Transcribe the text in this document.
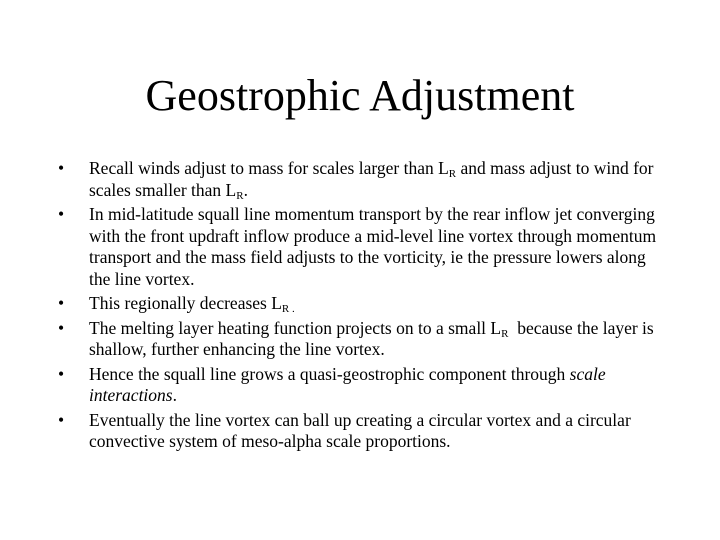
Geostrophic Adjustment
• Recall winds adjust to mass for scales larger than $L_R$ and mass adjust to wind for scales smaller than $L_R$.
• In mid-latitude squall line momentum transport by the rear inflow jet converging with the front updraft inflow produce a mid-level line vortex through momentum transport and the mass field adjusts to the vorticity, ie the pressure lowers along the line vortex.
• This regionally decreases $L_R$ $_.$
• The melting layer heating function projects on to a small $L_R$  because the layer is shallow, further enhancing the line vortex.
• Hence the squall line grows a quasi-geostrophic component through scale interactions.
• Eventually the line vortex can ball up creating a circular vortex and a circular convective system of meso-alpha scale proportions.
